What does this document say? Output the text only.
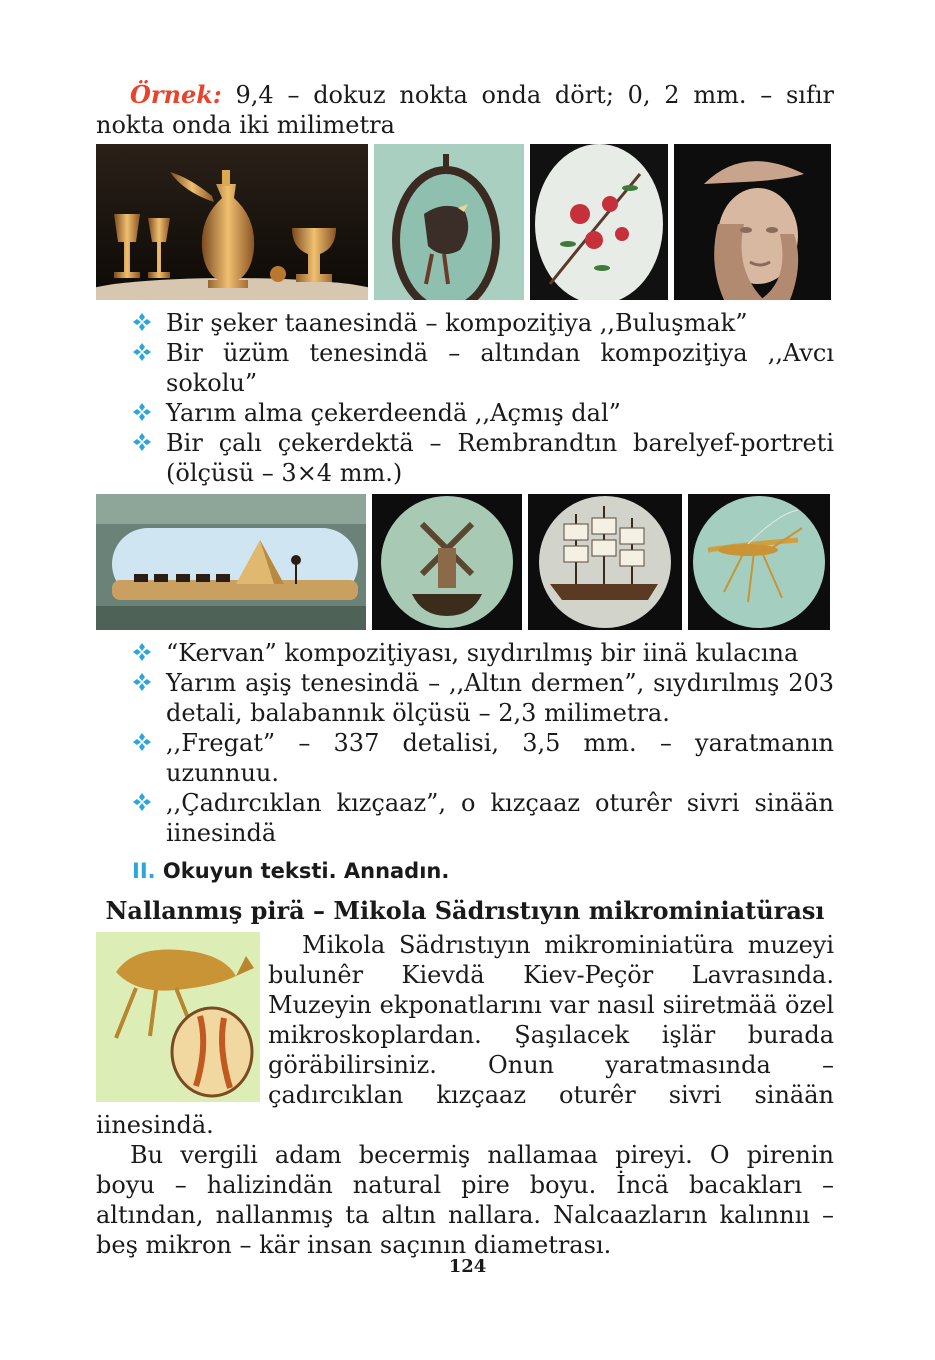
Örnek: 9,4 – dokuz nokta onda dört; 0, 2 mm. – sıfır nokta onda iki milimetra

Bir şeker taanesindä – kompoziţiya ,,Buluşmak”
Bir üzüm tenesindä – altından kompoziţiya ,,Avcı sokolu”
Yarım alma çekerdeendä ,,Açmış dal”
Bir çalı çekerdektä – Rembrandtın barelyef-portreti (ölçüsü – 3×4 mm.)
“Kervan” kompoziţiyası, sıydırılmış bir iinä kulacına
Yarım aşiş tenesindä – ,,Altın dermen”, sıydırılmış 203 detali, balabannık ölçüsü – 2,3 milimetra.
,,Fregat” – 337 detalisi, 3,5 mm. – yaratmanın uzunnuu.
,,Çadırcıklan kızçaaz”, o kızçaaz oturêr sivri sinään iinesindä
II. Okuyun teksti. Annadın.
Nallanmış pirä – Mikola Sädrıstıyın mikrominiatürası

Mikola Sädrıstıyın mikrominiatüra muzeyi bulunêr Kievdä Kiev-Peçör Lavrasında. Muzeyin ekponatlarını var nasıl siiretmää özel mikroskoplardan. Şaşılacek işlär burada göräbilirsiniz. Onun yaratmasında – çadırcıklan kızçaaz oturêr sivri sinään iinesindä.

Bu vergili adam becermiş nallamaa pireyi. O pirenin boyu – halizindän natural pire boyu. İncä bacakları – altından, nallanmış ta altın nallara. Nalcaazların kalınnıı – beş mikron – kär insan saçının diametrası.

124
